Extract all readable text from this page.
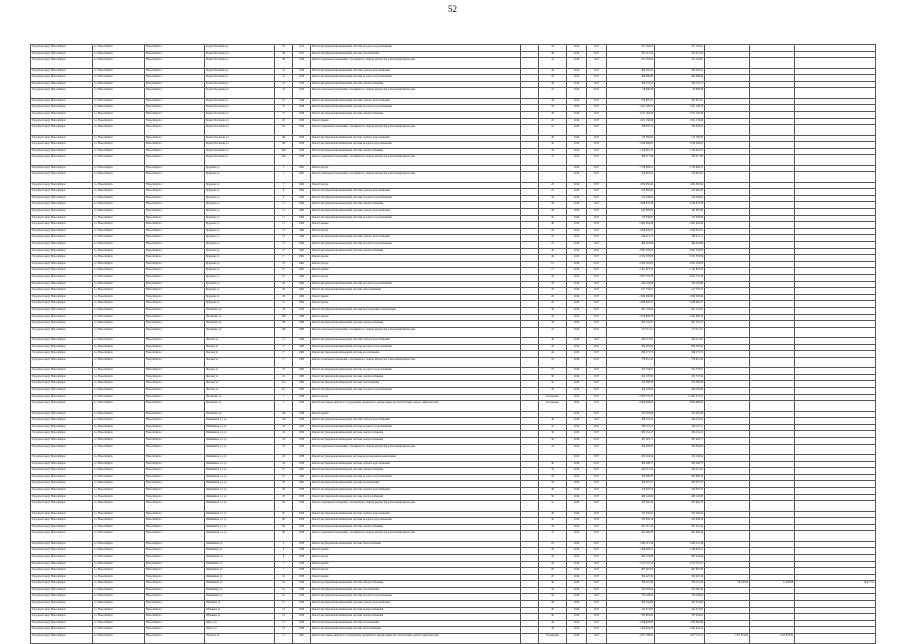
52
Городской округ Новосибирск	г.о. Новосибирск	Новосибирск г	Бориса Богаткова ул	70	1915	Ремонт внутридомовой инженерной системы холодного водоснабжения		50	2016	2017	471 162,61	471 162,61			
Городской округ Новосибирск	г.о. Новосибирск	Новосибирск г	Бориса Богаткова ул	39	1917	Ремонт внутридомовой инженерной системы газоснабжения		49	2016	2017	781 413,02	781 413,02			
Городской округ Новосибирск	г.о. Новосибирск	Новосибирск г	Бориса Богаткова ул	39	1919	Ремонт подвальных помещений, относящихся к общему имуществу в многоквартирном доме		41	2016	2017	471 162,61	471 162,61			
Городской округ Новосибирск	г.о. Новосибирск	Новосибирск г	Бориса Богаткова ул	41	1919	Ремонт внутридомовой инженерной системы горячего водоснабжения		40	2016	2017	286 550,41	286 550,41			
Городской округ Новосибирск	г.о. Новосибирск	Новосибирск г	Бориса Богаткова ул	41	1919	Ремонт внутридомовой инженерной системы холодного водоснабжения		50	2016	2017	466 069,89	466 069,89			
Городской округ Новосибирск	г.о. Новосибирск	Новосибирск г	Бориса Богаткова ул	41	1919	Ремонт внутридомовой инженерной системы электроснабжения		30	2016	2017	190 176,17	190 176,17			
Городской округ Новосибирск	г.о. Новосибирск	Новосибирск г	Бориса Богаткова ул	41	1919	Ремонт подвальных помещений, относящихся к общему имуществу в многоквартирном доме		41	2016	2017	96 848,38	96 848,38			
Городской округ Новосибирск	г.о. Новосибирск	Новосибирск г	Бориса Богаткова ул	57	1948	Ремонт внутридомовой инженерной системы горячего водоснабжения		40	2016	2017	555 647,81	555 647,81			
Городской округ Новосибирск	г.о. Новосибирск	Новосибирск г	Бориса Богаткова ул	57	1948	Ремонт внутридомовой инженерной системы холодного водоснабжения		50	2016	2017	1 021 109,78	1 021 109,78			
Городской округ Новосибирск	г.о. Новосибирск	Новосибирск г	Бориса Богаткова ул	57	1948	Ремонт внутридомовой инженерной системы электроснабжения		30	2016	2017	1 011 183,36	1 011 183,36			
Городской округ Новосибирск	г.о. Новосибирск	Новосибирск г	Бориса Богаткова ул	63	1959	Ремонт крыши		20	2016	2017	1 621 156,68	1 621 156,68			
Городской округ Новосибирск	г.о. Новосибирск	Новосибирск г	Бориса Богаткова ул	63	1959	Ремонт подвальных помещений, относящихся к общему имуществу в многоквартирном доме		41	2016	2017	769 678,12	769 678,12			
Городской округ Новосибирск	г.о. Новосибирск	Новосибирск г	Бориса Богаткова ул	194	1959	Ремонт внутридомовой инженерной системы горячего водоснабжения		40	2016	2017	213 760,00	213 760,00			
Городской округ Новосибирск	г.о. Новосибирск	Новосибирск г	Бориса Богаткова ул	194	1959	Ремонт внутридомовой инженерной системы холодного водоснабжения		50	2016	2017	1 058 396,81	1 058 396,81			
Городской округ Новосибирск	г.о. Новосибирск	Новосибирск г	Бориса Богаткова ул	194	1959	Ремонт внутридомовой инженерной системы электроснабжения		30	2016	2017	1 126 491,74	1 126 491,74			
Городской округ Новосибирск	г.о. Новосибирск	Новосибирск г	Бориса Богаткова ул	194	1959	Ремонт подвальных помещений, относящихся к общему имуществу в многоквартирном доме		41	2016	2017	298 317,96	298 317,96			
Городской округ Новосибирск	г.о. Новосибирск	Новосибирск г	Бурденко ул	1	1962	Ремонт фасада			2016	2017	1 756 606,51	1 756 606,51			
Городской округ Новосибирск	г.о. Новосибирск	Новосибирск г	Бурденко ул	1	1962	Ремонт подвальных помещений, относящихся к общему имуществу в многоквартирном доме			2016	2017	279 919,61	279 919,61			
Городской округ Новосибирск	г.о. Новосибирск	Новосибирск г	Бурденко ул	7	1964	Ремонт фасада		20	2016	2017	1 634 650,64	1 634 650,64			
Городской округ Новосибирск	г.о. Новосибирск	Новосибирск г	Бурденко ул	9	1964	Ремонт внутридомовой инженерной системы горячего водоснабжения		25	2016	2017	542 685,80	542 685,80			
Городской округ Новосибирск	г.о. Новосибирск	Новосибирск г	Бурденко ул	9	1964	Ремонт внутридомовой инженерной системы холодного водоснабжения		50	2016	2017	516 236,92	516 236,92			
Городской округ Новосибирск	г.о. Новосибирск	Новосибирск г	Бурденко ул	11	1964	Ремонт внутридомовой инженерной системы электроснабжения		30	2016	2017	1 636 870,28	1 636 870,28			
Городской округ Новосибирск	г.о. Новосибирск	Новосибирск г	Бурденко ул	11	1964	Ремонт внутридомовой инженерной системы горячего водоснабжения		40	2016	2017	542 685,80	542 685,80			
Городской округ Новосибирск	г.о. Новосибирск	Новосибирск г	Бурденко ул	11	1964	Ремонт внутридомовой инженерной системы холодного водоснабжения		50	2016	2017	316 038,95	316 038,95			
Городской округ Новосибирск	г.о. Новосибирск	Новосибирск г	Бурденко ул	11	1964	Ремонт крыши		40	2016	2017	2 961 904,28	2 961 904,28			
Городской округ Новосибирск	г.о. Новосибирск	Новосибирск г	Бурденко ул	13	1964	Ремонт фасада		20	2016	2017	1 628 979,61	1 628 979,61			
Городской округ Новосибирск	г.о. Новосибирск	Новосибирск г	Бурденко ул	13	1964	Ремонт внутридомовой инженерной системы горячего водоснабжения		25	2016	2017	546 212,71	546 212,71			
Городской округ Новосибирск	г.о. Новосибирск	Новосибирск г	Бурденко ул	13	1964	Ремонт внутридомовой инженерной системы холодного водоснабжения		25	2016	2017	488 263,69	488 263,69			
Городской округ Новосибирск	г.о. Новосибирск	Новосибирск г	Бурденко ул	15	1962	Ремонт внутридомовой инженерной системы электроснабжения		30	2016	2017	2 087 183,03	2 087 183,03			
Городской округ Новосибирск	г.о. Новосибирск	Новосибирск г	Бурденко ул	17	1962	Ремонт крыши		40	2016	2017	2 531 378,86	2 531 378,86			
Городской округ Новосибирск	г.о. Новосибирск	Новосибирск г	Бурденко ул	23	1962	Ремонт фасада		15	2016	2017	2 092 163,03	2 092 163,03			
Городской округ Новосибирск	г.о. Новосибирск	Новосибирск г	Бурденко ул	27	1962	Ремонт крыши		15	2016	2017	2 161 819,76	2 161 819,76			
Городской округ Новосибирск	г.о. Новосибирск	Новосибирск г	Бурденко ул	27	1962	Ремонт фасада		20	2016	2017	2 051 735,78	2 051 735,78			
Городской округ Новосибирск	г.о. Новосибирск	Новосибирск г	Бурденко ул	29	1964	Ремонт внутридомовой инженерной системы холодного водоснабжения		50	2016	2017	246 129,86	246 129,86			
Городской округ Новосибирск	г.о. Новосибирск	Новосибирск г	Бурденко ул	29	1964	Ремонт внутридомовой инженерной системы теплоснабжения		35	2016	2017	617 776,27	617 776,27			
Городской округ Новосибирск	г.о. Новосибирск	Новосибирск г	Бурденко ул	29	1964	Ремонт крыши		20	2016	2017	2 009 260,96	2 009 260,96			
Городской округ Новосибирск	г.о. Новосибирск	Новосибирск г	Бурденко ул	31	1964	Ремонт фасада		20	2016	2017	1 828 926,31	1 828 926,31			
Городской округ Новосибирск	г.о. Новосибирск	Новосибирск г	Чаплыгина ул	33	1954	Ремонт внутридомовой инженерной системы водоотведения и канализации		30	2016	2017	361 132,82	361 132,82			
Городской округ Новосибирск	г.о. Новосибирск	Новосибирск г	Чаплыгина ул	109	1986	Ремонт крыши		20	2016	2017	2 020 886,76	2 020 886,76			
Городской округ Новосибирск	г.о. Новосибирск	Новосибирск г	Чаплыгина ул	109	1986	Ремонт внутридомовой инженерной системы электроснабжения		30	2016	2017	391 232,37	391 232,37			
Городской округ Новосибирск	г.о. Новосибирск	Новосибирск г	Чаплыгина ул	109	1986	Ремонт подвальных помещений, относящихся к общему имуществу в многоквартирном доме		41	2016	2017	175 511,51	175 511,51			
Городской округ Новосибирск	г.о. Новосибирск	Новосибирск г	Чкалова ул	15	1960	Ремонт внутридомовой инженерной системы горячего водоснабжения		40	2016	2017	263 115,95	263 115,95			
Городской округ Новосибирск	г.о. Новосибирск	Новосибирск г	Чкалова ул	17	1960	Ремонт внутридомовой инженерной системы холодного водоснабжения		50	2016	2017	890 395,62	890 395,62			
Городской округ Новосибирск	г.о. Новосибирск	Новосибирск г	Чкалова ул	17	1960	Ремонт внутридомовой инженерной системы газоснабжения		42	2016	2017	560 175,72	560 175,72			
Городской округ Новосибирск	г.о. Новосибирск	Новосибирск г	Чкалова ул	17	1960	Ремонт подвальных помещений, относящихся к общему имуществу в многоквартирном доме		41	2016	2017	378 651,34	378 651,34			
Городской округ Новосибирск	г.о. Новосибирск	Новосибирск г	Чкалова ул	19	1960	Ремонт внутридомовой инженерной системы холодного водоснабжения		25	2016	2017	553 703,87	553 703,87			
Городской округ Новосибирск	г.о. Новосибирск	Новосибирск г	Чкалова ул	19	1960	Ремонт внутридомовой инженерной системы электроснабжения		30	2016	2017	281 747,92	281 747,92			
Городской округ Новосибирск	г.о. Новосибирск	Новосибирск г	Чкалова ул	21а	1960	Ремонт внутридомовой инженерной системы газоснабжения		50	2016	2017	270 368,58	270 368,58			
Городской округ Новосибирск	г.о. Новосибирск	Новосибирск г	Чкалова ул	21а	1960	Ремонт внутридомовой инженерной системы холодного водоснабжения		20	2016	2017	266 194,66	266 194,66			
Городской округ Новосибирск	г.о. Новосибирск	Новосибирск г	Чаплыгина ул	7	1959	Ремонт фасада		по перечню	2016	2017	11 063 575,41	11 063 575,41			
Городской округ Новосибирск	г.о. Новосибирск	Новосибирск г	Чаплыгина ул	7	1959	Ремонт или замена лифтового оборудования, признанного непригодным для эксплуатации, ремонт лифтовых шахт		по перечню	2016	2017	8 004 998,63	8 004 998,63			
Городской округ Новосибирск	г.о. Новосибирск	Новосибирск г	Чаплыгина ул	126	1958	Ремонт крыши			2016	2017	765 295,08	765 295,08			
Городской округ Новосибирск	г.о. Новосибирск	Новосибирск г	Шамшиных 1-х ул	129	1958	Ремонт внутридомовой инженерной системы горячего водоснабжения		40	2016	2017	438 153,32	438 153,32			
Городской округ Новосибирск	г.о. Новосибирск	Новосибирск г	Шамшиных 1-х ул	18	1959	Ремонт внутридомовой инженерной системы холодного водоснабжения		50	2016	2017	349 110,51	349 110,51			
Городской округ Новосибирск	г.о. Новосибирск	Новосибирск г	Шамшиных 1-х ул	18	1959	Ремонт внутридомовой инженерной системы электроснабжения		30	2016	2017	582 154,15	582 154,15			
Городской округ Новосибирск	г.о. Новосибирск	Новосибирск г	Шамшиных 1-х ул	18	1959	Ремонт внутридомовой инженерной системы электроснабжения		30	2016	2017	367 463,71	367 463,71			
Городской округ Новосибирск	г.о. Новосибирск	Новосибирск г	Шамшиных 1-х ул	18	1959	Ремонт подвальных помещений, относящихся к общему имуществу в многоквартирном доме		41	2016	2017	296 059,65	296 059,65			
Городской округ Новосибирск	г.о. Новосибирск	Новосибирск г	Шамшиных 1-х ул	20	1958	Ремонт внутридомовой инженерной системы водоотведения и канализации			2016	2017	195 104,54	195 104,54			
Городской округ Новосибирск	г.о. Новосибирск	Новосибирск г	Шамшиных 1-х ул	20	1958	Ремонт внутридомовой инженерной системы горячего водоснабжения		40	2016	2017	300 398,77	300 398,77			
Городской округ Новосибирск	г.о. Новосибирск	Новосибирск г	Шамшиных 1-х ул	27	1962	Ремонт внутридомовой инженерной системы электроснабжения		35	2016	2017	342 512,85	342 512,85			
Городской округ Новосибирск	г.о. Новосибирск	Новосибирск г	Шамшиных 1-х ул	27	1962	Ремонт внутридомовой инженерной системы холодного водоснабжения		50	2016	2017	283 688,35	283 688,35			
Городской округ Новосибирск	г.о. Новосибирск	Новосибирск г	Шамшиных 1-х ул	29	1962	Ремонт внутридомовой инженерной системы газоснабжения		50	2016	2017	200 037,37	200 037,37			
Городской округ Новосибирск	г.о. Новосибирск	Новосибирск г	Шамшиных 1-х ул	29	1958	Ремонт внутридомовой инженерной системы горячего водоснабжения		40	2016	2017	250 970,70	250 970,70			
Городской округ Новосибирск	г.о. Новосибирск	Новосибирск г	Шамшиных 1-х ул	29	1958	Ремонт внутридомовой инженерной системы электроснабжения		30	2016	2017	480 143,00	480 143,00			
Городской округ Новосибирск	г.о. Новосибирск	Новосибирск г	Шамшиных 1-х ул	29	1958	Ремонт подвальных помещений, относящихся к общему имуществу в многоквартирном доме		41	2016	2017	281 932,78	281 932,78			
Городской округ Новосибирск	г.о. Новосибирск	Новосибирск г	Шамшиных 1-х ул	65	1958	Ремонт внутридомовой инженерной системы горячего водоснабжения		40	2016	2017	323 250,91	323 250,91			
Городской округ Новосибирск	г.о. Новосибирск	Новосибирск г	Шамшиных 1-х ул	90	1958	Ремонт внутридомовой инженерной системы холодного водоснабжения		50	2016	2017	253 639,16	253 639,16			
Городской округ Новосибирск	г.о. Новосибирск	Новосибирск г	Шамшиных 1-х ул	90	1958	Ремонт внутридомовой инженерной системы электроснабжения		30	2016	2017	267 212,16	267 212,16			
Городской округ Новосибирск	г.о. Новосибирск	Новосибирск г	Шамшиных 1-х ул	90	1958	Ремонт подвальных помещений, относящихся к общему имуществу в многоквартирном доме		41	2016	2017	261 490,28	261 490,28			
Городской округ Новосибирск	г.о. Новосибирск	Новосибирск г	Шамшиных ул	2	1958	Ремонт внутридомовой инженерной системы теплоснабжения		25	2016	2017	1 465 112,38	1 465 112,38			
Городской округ Новосибирск	г.о. Новосибирск	Новосибирск г	Шамшиных ул	6	1958	Ремонт крыши		20	2016	2017	1 286 626,21	1 286 626,21			
Городской округ Новосибирск	г.о. Новосибирск	Новосибирск г	Шамшиных ул	6	1958	Ремонт фасада		20	2016	2017	863 243,86	863 243,86			
Городской округ Новосибирск	г.о. Новосибирск	Новосибирск г	Шамшиных ул	7	1958	Ремонт крыши		20	2016	2017	1 013 722,31	1 013 722,31			
Городской округ Новосибирск	г.о. Новосибирск	Новосибирск г	Шамшиных ул	7	1958	Ремонт фасада		20	2016	2017	997 997,00	997 997,00			
Городской округ Новосибирск	г.о. Новосибирск	Новосибирск г	Шамшиных ул	14	1958	Ремонт крыши		20	2016	2017	362 425,34	362 425,34			
Городской округ Новосибирск	г.о. Новосибирск	Новосибирск г	Шамшиных ул	16	1958	Ремонт внутридомовой инженерной системы электроснабжения		30	2016	2017	478 181,36	256 121,36	18 356,68	11 056,88	49 977,53
Городской округ Новосибирск	г.о. Новосибирск	Новосибирск г	Шамшиных ул	16	1958	Ремонт внутридомовой инженерной системы газоснабжения		50	2016	2017	335 390,26	335 390,26			
Городской округ Новосибирск	г.о. Новосибирск	Новосибирск г	Шамшиных ул	16	1958	Ремонт внутридомовой инженерной системы холодного водоснабжения		50	2016	2017	750 126,64	750 126,64			
Городской округ Новосибирск	г.о. Новосибирск	Новосибирск г	Шукшина ул	15	1959	Ремонт внутридомовой инженерной системы горячего водоснабжения		40	2016	2017	392 354,86	392 354,86			
Городской округ Новосибирск	г.о. Новосибирск	Новосибирск г	Шукшина ул	15	1959	Ремонт внутридомовой инженерной системы электроснабжения		30	2016	2017	241 374,63	241 374,63			
Городской округ Новосибирск	г.о. Новосибирск	Новосибирск г	Шукшина ул	15	1959	Ремонт внутридомовой инженерной системы электроснабжения		30	2016	2017	767 363,02	767 363,02			
Городской округ Новосибирск	г.о. Новосибирск	Новосибирск г	Щорса ул	11	1959	Ремонт внутридомовой инженерной системы газоснабжения		40	2016	2017	1 039 928,86	1 039 928,86			
Городской округ Новосибирск	г.о. Новосибирск	Новосибирск г	Щорса ул	13	1959	Ремонт внутридомовой инженерной системы теплоснабжения		30	2016	2017	1 293 042,24	1 293 042,24			
Городской округ Новосибирск	г.о. Новосибирск	Новосибирск г	Энгельса ул	11	1961	Ремонт или замена лифтового оборудования, признанного непригодным для эксплуатации, ремонт лифтовых шахт		по перечню	2016	2017	4 871 186,00	1 877 141,11	1 817 874,60	1 815 876,00	
